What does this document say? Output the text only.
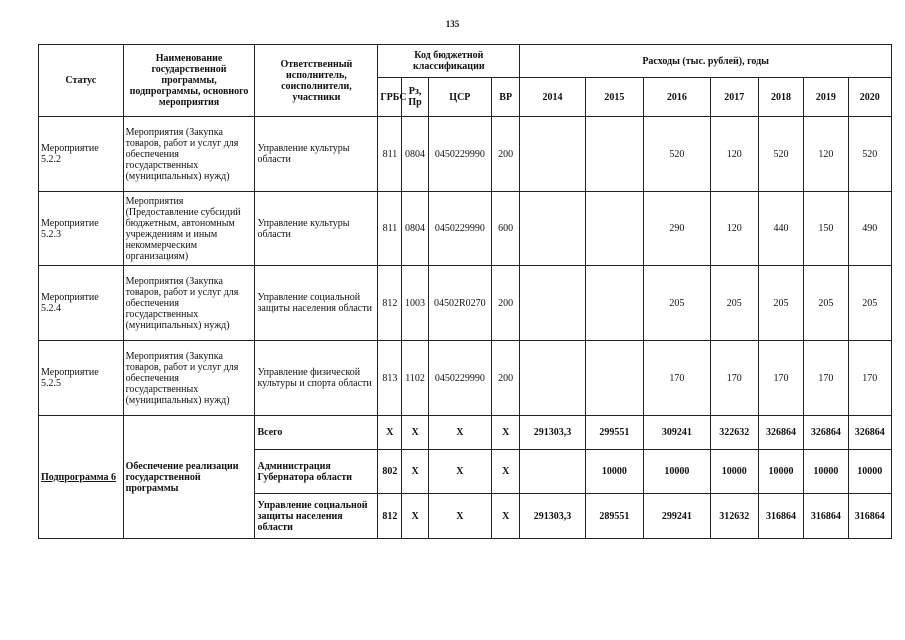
135
Статус	Наименование государственной программы, подпрограммы, основного мероприятия	Ответственный исполнитель, соисполнители, участники	Код бюджетной классификации				Расходы (тыс. рублей), годы						
			ГРБС	Рз, Пр	ЦСР	ВР	2014	2015	2016	2017	2018	2019	2020
Мероприятие 5.2.2	Мероприятия (Закупка товаров, работ и услуг для обеспечения государственных (муниципальных) нужд)	Управление культуры области	811	0804	0450229990	200			520	120	520	120	520
Мероприятие 5.2.3	Мероприятия (Предоставление субсидий бюджетным, автономным учреждениям и иным некоммерческим организациям)	Управление культуры области	811	0804	0450229990	600			290	120	440	150	490
Мероприятие 5.2.4	Мероприятия (Закупка товаров, работ и услуг для обеспечения государственных (муниципальных) нужд)	Управление социальной защиты населения области	812	1003	04502R0270	200			205	205	205	205	205
Мероприятие 5.2.5	Мероприятия (Закупка товаров, работ и услуг для обеспечения государственных (муниципальных) нужд)	Управление физической культуры и спорта области	813	1102	0450229990	200			170	170	170	170	170
Подпрограмма 6	Обеспечение реализации государственной программы	Всего	Х	Х	Х	Х	291303,3	299551	309241	322632	326864	326864	326864
		Администрация Губернатора области	802	Х	Х	Х		10000	10000	10000	10000	10000	10000
		Управление социальной защиты населения области	812	Х	Х	Х	291303,3	289551	299241	312632	316864	316864	316864
